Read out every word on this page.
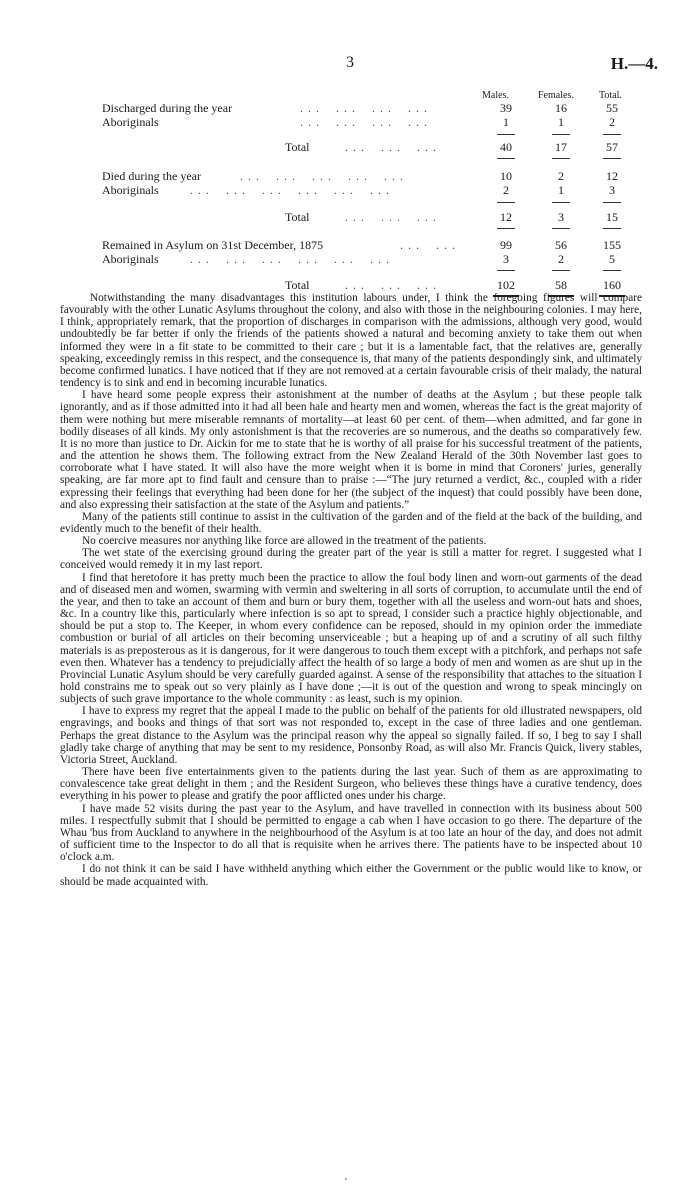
3	H.—4.
Males.	Females.	Total.
Discharged during the year	. . .    . . .    . . .    . . .	39	16	55
Aboriginals	. . .    . . .    . . .    . . .	1	1	2
Total	. . .    . . .    . . .	40	17	57
Died during the year	. . .    . . .    . . .    . . .    . . .	10	2	12
Aboriginals	. . .    . . .    . . .    . . .    . . .    . . .	2	1	3
Total	. . .    . . .    . . .	12	3	15
Remained in Asylum on 31st December, 1875	. . .    . . .	99	56	155
Aboriginals	. . .    . . .    . . .    . . .    . . .    . . .	3	2	5
Total	. . .    . . .    . . .	102	58	160

Notwithstanding the many disadvantages this institution labours under, I think the foregoing figures will compare favourably with the other Lunatic Asylums throughout the colony, and also with those in the neighbouring colonies. I may here, I think, appropriately remark, that the proportion of discharges in comparison with the admissions, although very good, would undoubtedly be far better if only the friends of the patients showed a natural and becoming anxiety to take them out when informed they were in a fit state to be committed to their care ; but it is a lamentable fact, that the relatives are, generally speaking, exceedingly remiss in this respect, and the consequence is, that many of the patients despondingly sink, and ultimately become confirmed lunatics. I have noticed that if they are not removed at a certain favourable crisis of their malady, the natural tendency is to sink and end in becoming incurable lunatics.

I have heard some people express their astonishment at the number of deaths at the Asylum ; but these people talk ignorantly, and as if those admitted into it had all been hale and hearty men and women, whereas the fact is the great majority of them were nothing but mere miserable remnants of mortality—at least 60 per cent. of them—when admitted, and far gone in bodily diseases of all kinds. My only astonishment is that the recoveries are so numerous, and the deaths so comparatively few. It is no more than justice to Dr. Aickin for me to state that he is worthy of all praise for his successful treatment of the patients, and the attention he shows them. The following extract from the New Zealand Herald of the 30th November last goes to corroborate what I have stated. It will also have the more weight when it is borne in mind that Coroners' juries, generally speaking, are far more apt to find fault and censure than to praise :—“The jury returned a verdict, &c., coupled with a rider expressing their feelings that everything had been done for her (the subject of the inquest) that could possibly have been done, and also expressing their satisfaction at the state of the Asylum and patients.”

Many of the patients still continue to assist in the cultivation of the garden and of the field at the back of the building, and evidently much to the benefit of their health.

No coercive measures nor anything like force are allowed in the treatment of the patients.

The wet state of the exercising ground during the greater part of the year is still a matter for regret. I suggested what I conceived would remedy it in my last report.

I find that heretofore it has pretty much been the practice to allow the foul body linen and worn-out garments of the dead and of diseased men and women, swarming with vermin and sweltering in all sorts of corruption, to accumulate until the end of the year, and then to take an account of them and burn or bury them, together with all the useless and worn-out hats and shoes, &c. In a country like this, particularly where infection is so apt to spread, I consider such a practice highly objectionable, and should be put a stop to. The Keeper, in whom every confidence can be reposed, should in my opinion order the immediate combustion or burial of all articles on their becoming unserviceable ; but a heaping up of and a scrutiny of all such filthy materials is as preposterous as it is dangerous, for it were dangerous to touch them except with a pitchfork, and perhaps not safe even then. Whatever has a tendency to prejudicially affect the health of so large a body of men and women as are shut up in the Provincial Lunatic Asylum should be very carefully guarded against. A sense of the responsibility that attaches to the situation I hold constrains me to speak out so very plainly as I have done ;—it is out of the question and wrong to speak mincingly on subjects of such grave importance to the whole community : as least, such is my opinion.

I have to express my regret that the appeal I made to the public on behalf of the patients for old illustrated newspapers, old engravings, and books and things of that sort was not responded to, except in the case of three ladies and one gentleman. Perhaps the great distance to the Asylum was the principal reason why the appeal so signally failed. If so, I beg to say I shall gladly take charge of anything that may be sent to my residence, Ponsonby Road, as will also Mr. Francis Quick, livery stables, Victoria Street, Auckland.

There have been five entertainments given to the patients during the last year. Such of them as are approximating to convalescence take great delight in them ; and the Resident Surgeon, who believes these things have a curative tendency, does everything in his power to please and gratify the poor afflicted ones under his charge.

I have made 52 visits during the past year to the Asylum, and have travelled in connection with its business about 500 miles. I respectfully submit that I should be permitted to engage a cab when I have occasion to go there. The departure of the Whau 'bus from Auckland to anywhere in the neighbourhood of the Asylum is at too late an hour of the day, and does not admit of sufficient time to the Inspector to do all that is requisite when he arrives there. The patients have to be inspected about 10 o'clock a.m.

I do not think it can be said I have withheld anything which either the Government or the public would like to know, or should be made acquainted with.
